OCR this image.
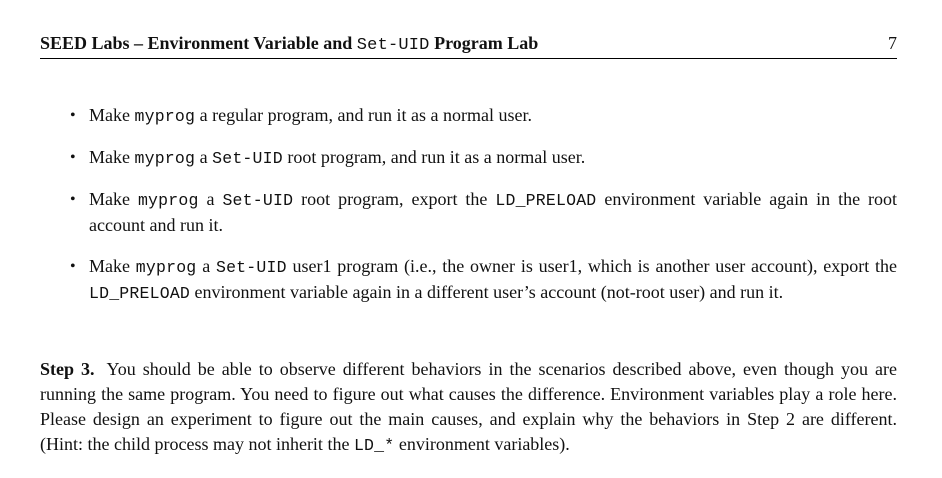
SEED Labs – Environment Variable and Set-UID Program Lab	7
• Make myprog a regular program, and run it as a normal user.
• Make myprog a Set-UID root program, and run it as a normal user.
• Make myprog a Set-UID root program, export the LD_PRELOAD environment variable again in the root account and run it.
• Make myprog a Set-UID user1 program (i.e., the owner is user1, which is another user account), export the LD_PRELOAD environment variable again in a different user’s account (not-root user) and run it.

Step 3. You should be able to observe different behaviors in the scenarios described above, even though you are running the same program. You need to figure out what causes the difference. Environment variables play a role here. Please design an experiment to figure out the main causes, and explain why the behaviors in Step 2 are different. (Hint: the child process may not inherit the LD_* environment variables).
